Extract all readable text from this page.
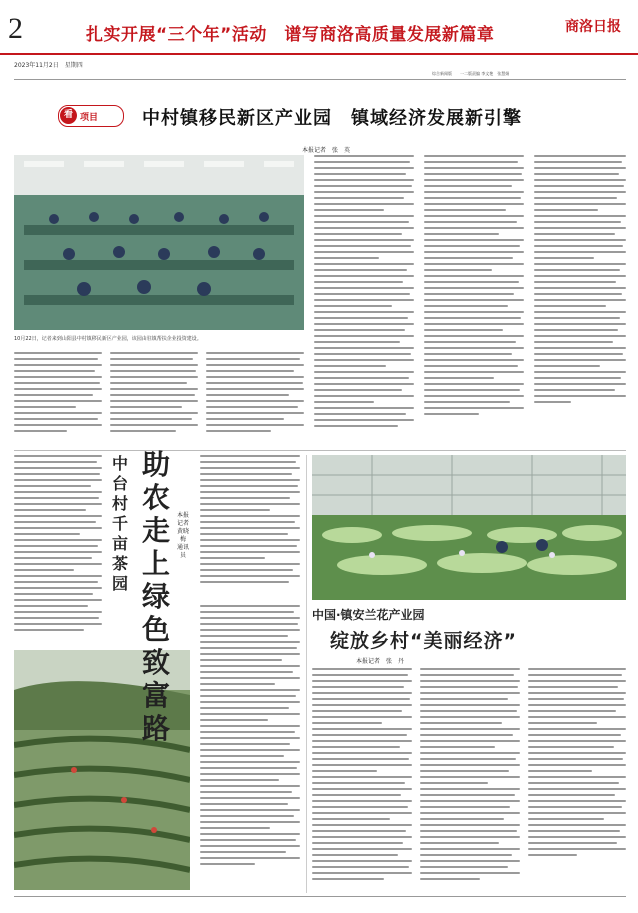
2	扎实开展“三个年”活动　谱写商洛高质量发展新篇章	商洛日报
2023年11月2日　星期四
综合新闻版　　一二版责编 李文艳　张慧娟
看 项目 中村镇移民新区产业园　镇域经济发展新引擎
本报记者　张　英
10月22日，记者来到山阳县中村镇移民新区产业园，该园由驻镇帮扶企业投资建设。
中台村千亩茶园
助农走上绿色致富路
本报记者　黄晓梅　通讯员
中国·镇安兰花产业园
绽放乡村“美丽经济”
本报记者　张　丹
